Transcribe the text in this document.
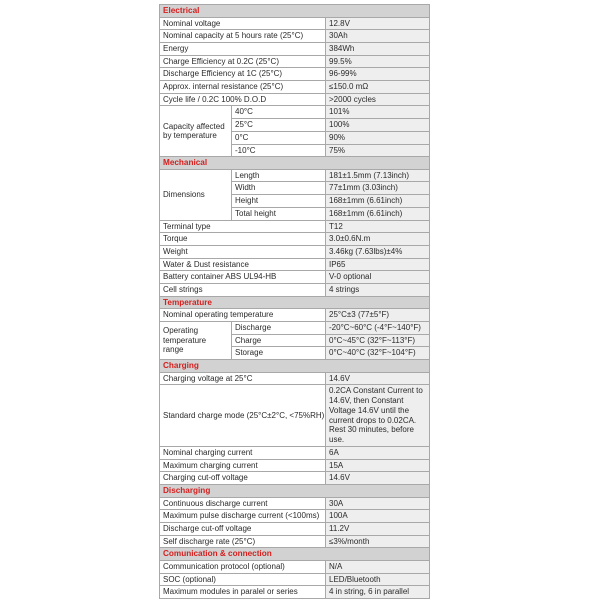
Electrical		
Nominal voltage		12.8V
Nominal capacity at 5 hours rate (25°C)		30Ah
Energy		384Wh
Charge Efficiency at 0.2C (25°C)		99.5%
Discharge Efficiency at 1C (25°C)		96-99%
Approx. internal resistance (25°C)		≤150.0 mΩ
Cycle life / 0.2C 100% D.O.D		>2000 cycles
Capacity affected by temperature	40°C	101%
	25°C	100%
	0°C	90%
	-10°C	75%
Mechanical		
Dimensions	Length	181±1.5mm (7.13inch)
	Width	77±1mm (3.03inch)
	Height	168±1mm (6.61inch)
	Total height	168±1mm (6.61inch)
Terminal type		T12
Torque		3.0±0.6N.m
Weight		3.46kg (7.63lbs)±4%
Water & Dust resistance		IP65
Battery container ABS UL94-HB		V-0 optional
Cell strings		4 strings
Temperature		
Nominal operating temperature		25°C±3 (77±5°F)
Operating temperature range	Discharge	-20°C~60°C (-4°F~140°F)
	Charge	0°C~45°C (32°F~113°F)
	Storage	0°C~40°C (32°F~104°F)
Charging		
Charging voltage at 25°C		14.6V
Standard charge mode (25°C±2°C, <75%RH)		0.2CA Constant Current to 14.6V, then Constant Voltage 14.6V until the current drops to 0.02CA. Rest 30 minutes, before use.
Nominal charging current		6A
Maximum charging current		15A
Charging cut-off voltage		14.6V
Discharging		
Continuous discharge current		30A
Maximum pulse discharge current (<100ms)		100A
Discharge cut-off voltage		11.2V
Self discharge rate (25°C)		≤3%/month
Comunication & connection		
Communication protocol (optional)		N/A
SOC (optional)		LED/Bluetooth
Maximum modules in paralel or series		4 in string, 6 in parallel
